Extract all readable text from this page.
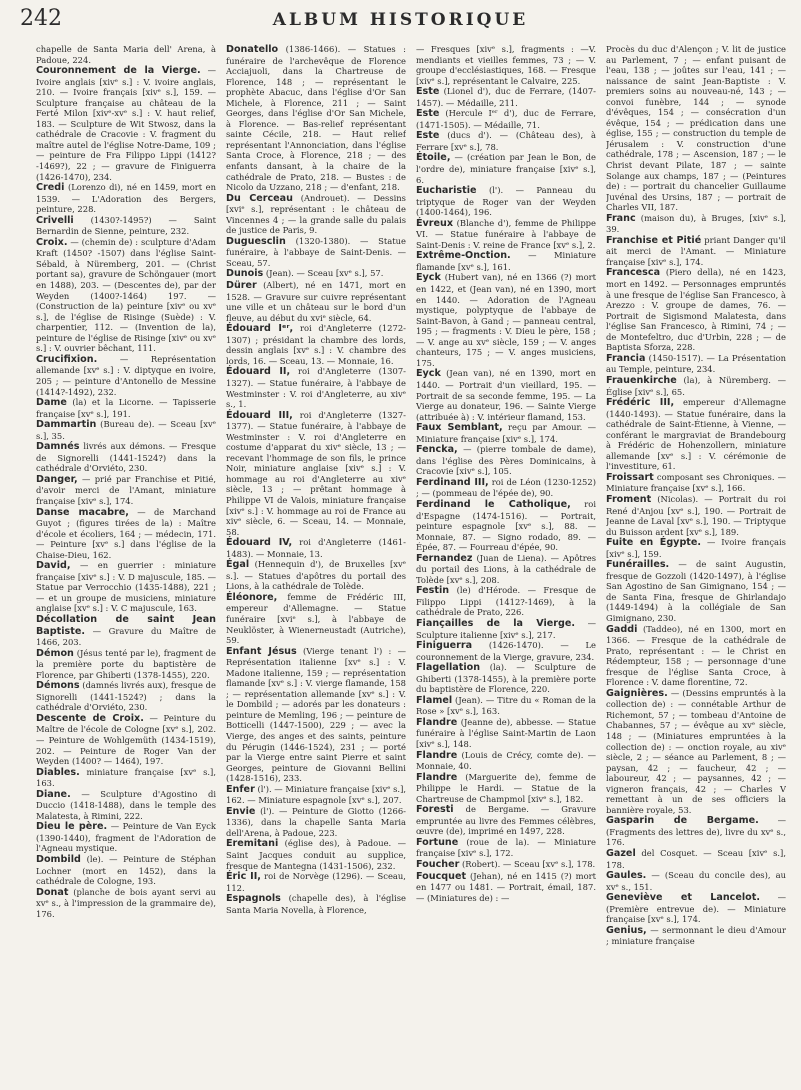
242	ALBUM HISTORIQUE

chapelle de Santa Maria dell' Arena, à Padoue, 224.

Couronnement de la Vierge. — Ivoire anglais [xivᵉ s.] : V. ivoire anglais, 210. — Ivoire français [xivᵉ s.], 159. — Sculpture française au château de la Ferté Milon [xivᵉ-xvᵉ s.] : V. haut relief, 183. — Sculpture de Wit Stwosz, dans la cathédrale de Cracovie : V. fragment du maître autel de l'église Notre-Dame, 109 ; — peinture de Fra Filippo Lippi (1412?-1469?), 22 ; — gravure de Finiguerra (1426-1470), 234.

Credi (Lorenzo di), né en 1459, mort en 1539. — L'Adoration des Bergers, peinture, 228.

Crivelli (1430?-1495?) — Saint Bernardin de Sienne, peinture, 232.

Croix. — (chemin de) : sculpture d'Adam Kraft (1450? -1507) dans l'église Saint-Sébald, à Nüremberg, 201. — (Christ portant sa), gravure de Schöngauer (mort en 1488), 203. — (Descentes de), par der Weyden (1400?-1464) 197. — (Construction de la) peinture [xivᵉ ou xvᵉ s.], de l'église de Risinge (Suède) : V. charpentier, 112. — (Invention de la), peinture de l'église de Risinge [xivᵉ ou xvᵉ s.] : V. ouvrier bêchant, 111.

Crucifixion.	— Représentation allemande [xvᵉ s.] : V. diptyque en ivoire, 205 ; — peinture d'Antonello de Messine (1414?-1492), 232.

Dame (la) et la Licorne. — Tapisserie française [xvᵉ s.], 191.

Dammartin (Bureau de). — Sceau [xvᵉ s.], 35.

Damnés livrés aux démons. — Fresque de Signorelli (1441-1524?) dans la cathédrale d'Orviéto, 230.

Danger, — prié par Franchise et Pitié, d'avoir merci de l'Amant, miniature française [xivᵉ s.], 174.

Danse macabre, — de Marchand Guyot ; (figures tirées de la) : Maître d'école et écoliers, 164 ; — médecin, 171. — Peinture [xvᵉ s.] dans l'église de la Chaise-Dieu, 162.

David, — en guerrier : miniature française [xivᵉ s.] : V. D majuscule, 185. — Statue par Verrocchio (1435-1488), 221 ; — et un groupe de musiciens, miniature anglaise [xvᵉ s.] : V. C majuscule, 163.

Décollation de saint Jean Baptiste. — Gravure du Maître de 1466, 203.

Démon (Jésus tenté par le), fragment de la première porte du baptistère de Florence, par Ghiberti (1378-1455), 220.

Démons (damnés livrés aux), fresque de Signorelli (1441-1524?) ; dans la cathédrale d'Orviéto, 230.

Descente de Croix. — Peinture du Maître de l'école de Cologne [xvᵉ s.], 202. — Peinture de Wohlgemüth (1434-1519), 202. — Peinture de Roger Van der Weyden (1400? — 1464), 197.

Diables. miniature française [xvᵉ s.], 163.

Diane. — Sculpture d'Agostino di Duccio (1418-1488), dans le temple des Malatesta, à Rimini, 222.

Dieu le père. — Peinture de Van Eyck (1390-1440), fragment de l'Adoration de l'Agneau mystique.

Dombild (le). — Peinture de Stéphan Lochner (mort en 1452), dans la cathédrale de Cologne, 193.

Donat (planche de bois ayant servi au xvᵉ s., à l'impression de la grammaire de), 176.

Donatello (1386-1466). — Statues : funéraire de l'archevêque de Florence Acciajuoli, dans la Chartreuse de Florence, 148 ; — représentant le prophète Abacuc, dans l'église d'Or San Michele, à Florence, 211 ; — Saint Georges, dans l'église d'Or San Michele, à Florence. — Bas-relief représentant sainte Cécile, 218. — Haut relief représentant l'Annonciation, dans l'église Santa Croce, à Florence, 218 ; — des enfants dansant, à la chaire de la cathédrale de Prato, 218. — Bustes : de Nicolo da Uzzano, 218 ; — d'enfant, 218.

Du Cerceau (Androuet). — Dessins [xviᵉ s.], représentant : le château de Vincennes 4 ; — la grande salle du palais de justice de Paris, 9.

Duguesclin (1320-1380). — Statue funéraire, à l'abbaye de Saint-Denis. — Sceau, 57.

Dunois (Jean). — Sceau [xvᵉ s.], 57.

Dürer (Albert), né en 1471, mort en 1528. — Gravure sur cuivre représentant une ville et un château sur le bord d'un fleuve, au début du xviᵉ siècle, 64.

Édouard Iᵉʳ, roi d'Angleterre (1272-1307) ; présidant la chambre des lords, dessin anglais [xvᵉ s.] : V. chambre des lords, 16. — Sceau, 13. — Monnaie, 16.

Édouard II, roi d'Angleterre (1307-1327). — Statue funéraire, à l'abbaye de Westminster : V. roi d'Angleterre, au xivᵉ s., 1.

Édouard III, roi d'Angleterre (1327-1377). — Statue funéraire, à l'abbaye de Westminster : V. roi d'Angleterre en costume d'apparat du xivᵉ siècle, 13 ; — recevant l'hommage de son fils, le prince Noir, miniature anglaise [xivᵉ s.] : V. hommage au roi d'Angleterre au xivᵉ siècle, 13 ; — prêtant hommage à Philippe VI de Valois, miniature française [xivᵉ s.] : V. hommage au roi de France au xivᵉ siècle, 6. — Sceau, 14. — Monnaie, 58.

Édouard IV, roi d'Angleterre (1461-1483). — Monnaie, 13.

Égal (Hennequin d'), de Bruxelles [xvᵉ s.]. — Statues d'apôtres du portail des Lions, à la cathédrale de Tolède.

Éléonore, femme de Frédéric III, empereur d'Allemagne. — Statue funéraire [xviᵉ s.], à l'abbaye de Neuklöster, à Wienerneustadt (Autriche), 59.

Enfant Jésus (Vierge tenant l') : — Représentation italienne [xvᵉ s.] : V. Madone italienne, 159 ; — représentation flamande [xvᵉ s.] : V. vierge flamande, 158 ; — représentation allemande [xvᵉ s.] : V. le Dombild ; — adorés par les donateurs : peinture de Memling, 196 ; — peinture de Botticelli (1447-1500), 229 ; — avec la Vierge, des anges et des saints, peinture du Pérugin (1446-1524), 231 ; — porté par la Vierge entre saint Pierre et saint Georges, peinture de Giovanni Bellini (1428-1516), 233.

Enfer (l'). — Miniature française [xivᵉ s.], 162. — Miniature espagnole [xvᵉ s.], 207.

Envie (l'). — Peinture de Giotto (1266-1336), dans la chapelle Santa Maria dell'Arena, à Padoue, 223.

Eremitani (église des), à Padoue. — Saint Jacques conduit au supplice, fresque de Mantegna (1431-1506), 232.

Éric II, roi de Norvège (1296). — Sceau, 112.

Espagnols (chapelle des), à l'église Santa Maria Novella, à Florence,

— Fresques [xivᵉ s.], fragments : —V. mendiants et vieilles femmes, 73 ; — V. groupe d'ecclésiastiques, 168. — Fresque [xivᵉ s.], représentant le Calvaire, 225.

Este (Lionel d'), duc de Ferrare, (1407-1457). — Médaille, 211.

Este (Hercule Iᵉʳ d'), duc de Ferrare, (1471-1505). — Médaille, 71.

Este (ducs d'). — (Château des), à Ferrare [xvᵉ s.], 78.

Étoile, — (création par Jean le Bon, de l'ordre de), miniature française [xivᵉ s.], 6.

Eucharistie (l'). — Panneau du triptyque de Roger van der Weyden (1400-1464), 196.

Évreux (Blanche d'), femme de Philippe VI. — Statue funéraire à l'abbaye de Saint-Denis : V. reine de France [xvᵉ s.], 2.

Extrême-Onction. — Miniature flamande [xvᵉ s.], 161.

Eyck (Hubert van), né en 1366 (?) mort en 1422, et (Jean van), né en 1390, mort en 1440. — Adoration de l'Agneau mystique, polyptyque de l'abbaye de Saint-Bavon, à Gand ; — panneau central, 195 ; — fragments : V. Dieu le père, 158 ; — V. ange au xvᵉ siècle, 159 ; — V. anges chanteurs, 175 ; — V. anges musiciens, 175.

Eyck (Jean van), né en 1390, mort en 1440. — Portrait d'un vieillard, 195. — Portrait de sa seconde femme, 195. — La Vierge au donateur, 196. — Sainte Vierge (attribuée à) : V. intérieur flamand, 153.

Faux Semblant, reçu par Amour. — Miniature française [xivᵉ s.], 174.

Fencka, — (pierre tombale de dame), dans l'église des Pères Dominicains, à Cracovie [xivᵉ s.], 105.

Ferdinand III, roi de Léon (1230-1252) ; — (pommeau de l'épée de), 90.

Ferdinand le Catholique, roi d'Espagne (1474-1516). — Portrait, peinture espagnole [xvᵉ s.], 88. — Monnaie, 87. — Signo rodado, 89. — Épée, 87. — Fourreau d'épée, 90.

Fernandez (Juan de Liena). — Apôtres du portail des Lions, à la cathédrale de Tolède [xvᵉ s.], 208.

Festin (le) d'Hérode. — Fresque de Filippo Lippi (1412?-1469), à la cathédrale de Prato, 226.

Fiançailles de la Vierge. — Sculpture italienne [xivᵉ s.], 217.

Finiguerra (1426-1470). — Le couronnement de la Vierge, gravure, 234.

Flagellation (la). — Sculpture de Ghiberti (1378-1455), à la première porte du baptistère de Florence, 220.

Flamel (Jean). — Titre du « Roman de la Rose » [xvᵉ s.], 163.

Flandre (Jeanne de), abbesse. — Statue funéraire à l'église Saint-Martin de Laon [xivᵉ s.], 148.

Flandre (Louis de Crécy, comte de). — Monnaie, 40.

Flandre (Marguerite de), femme de Philippe le Hardi. — Statue de la Chartreuse de Champmol [xivᵉ s.], 182.

Foresti de Bergame. — Gravure empruntée au livre des Femmes célèbres, œuvre (de), imprimé en 1497, 228.

Fortune (roue de la). — Miniature française [xivᵉ s.], 172.

Foucher (Robert). — Sceau [xvᵉ s.], 178.

Foucquet (Jehan), né en 1415 (?) mort en 1477 ou 1481. — Portrait, émail, 187. — (Miniatures de) : —

Procès du duc d'Alençon ; V. lit de justice au Parlement, 7 ; — enfant puisant de l'eau, 138 ; — joûtes sur l'eau, 141 ; — naissance de saint Jean-Baptiste : V. premiers soins au nouveau-né, 143 ; — convoi funèbre, 144 ; — synode d'évêques, 154 ; — consécration d'un évêque, 154 ; — prédication dans une église, 155 ; — construction du temple de Jérusalem : V. construction d'une cathédrale, 178 ; — Ascension, 187 ; — le Christ devant Pilate, 187 ; — sainte Solange aux champs, 187 ; — (Peintures de) : — portrait du chancelier Guillaume Juvénal des Ursins, 187 ; — portrait de Charles VII, 187.

Franc (maison du), à Bruges, [xivᵉ s.], 39.

Franchise et Pitié priant Danger qu'il ait merci de l'Amant. — Miniature française [xivᵉ s.], 174.

Francesca (Piero della), né en 1423, mort en 1492. — Personnages empruntés à une fresque de l'église San Francesco, à Arezzo : V. groupe de dames, 76. — Portrait de Sigismond Malatesta, dans l'église San Francesco, à Rimini, 74 ; — de Montefeltro, duc d'Urbin, 228 ; — de Baptista Sforza, 228.

Francia (1450-1517). — La Présentation au Temple, peinture, 234.

Frauenkirche (la), à Nüremberg. — Église [xivᵉ s.], 65.

Frédéric III, empereur d'Allemagne (1440-1493). — Statue funéraire, dans la cathédrale de Saint-Étienne, à Vienne, — conférant le margraviat de Brandebourg à Frédéric de Hohenzollern, miniature allemande [xvᵉ s.] : V. cérémonie de l'investiture, 61.

Froissart composant ses Chroniques. — Miniature française [xvᵉ s.], 166.

Froment (Nicolas). — Portrait du roi René d'Anjou [xvᵉ s.], 190. — Portrait de Jeanne de Laval [xvᵉ s.], 190. — Triptyque du Buisson ardent [xvᵉ s.], 189.

Fuite en Égypte. — Ivoire français [xivᵉ s.], 159.

Funérailles. — de saint Augustin, fresque de Gozzoli (1420-1497), à l'église San Agostino de San Gimignano, 154 ; — de Santa Fina, fresque de Ghirlandajo (1449-1494) à la collégiale de San Gimignano, 230.

Gaddi (Taddeo), né en 1300, mort en 1366. — Fresque de la cathédrale de Prato, représentant : — le Christ en Rédempteur, 158 ; — personnage d'une fresque de l'église Santa Croce, à Florence : V. dame florentine, 72.

Gaignières. — (Dessins empruntés à la collection de) : — connétable Arthur de Richemont, 57 ; — tombeau d'Antoine de Chabannes, 57 ; — évêque au xvᵉ siècle, 148 ; — (Miniatures empruntées à la collection de) : — onction royale, au xivᵉ siècle, 2 ; — séance au Parlement, 8 ; — paysan, 42 ; — faucheur, 42 ; — laboureur, 42 ; — paysannes, 42 ; — vigneron français, 42 ; — Charles V remettant à un de ses officiers la bannière royale, 53.

Gasparin de Bergame. — (Fragments des lettres de), livre du xvᵉ s., 176.

Gazel del Cosquet. — Sceau [xivᵉ s.], 178.

Gaules. — (Sceau du concile des), au xvᵉ s., 151.

Geneviève et Lancelot. — (Première entrevue de). — Miniature française [xvᵉ s.], 174.

Genius, — sermonnant le dieu d'Amour ; miniature française
